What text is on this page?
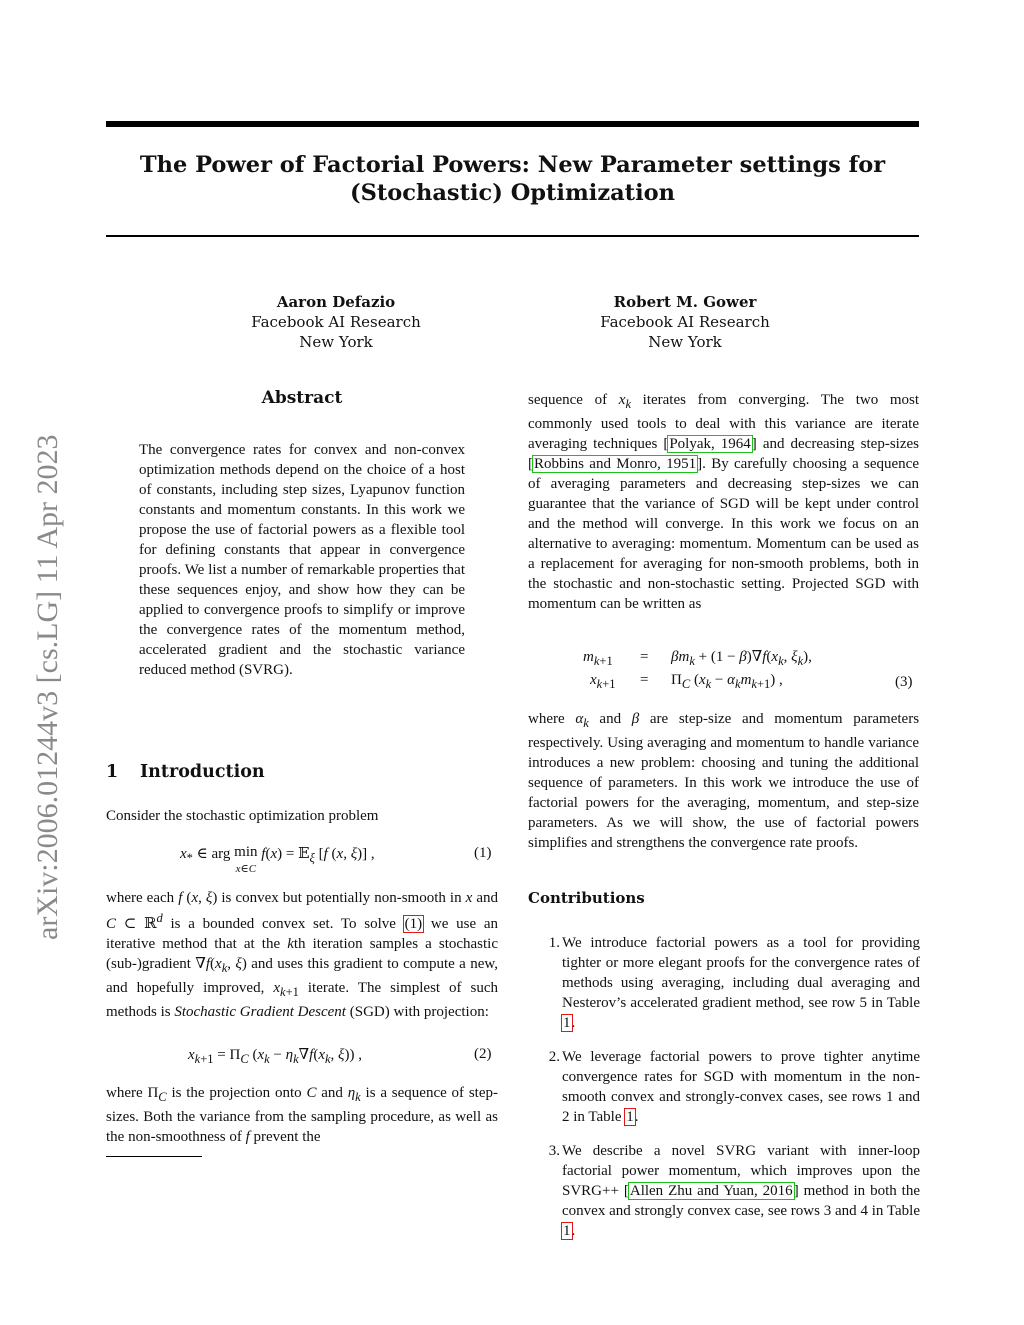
The Power of Factorial Powers: New Parameter settings for
(Stochastic) Optimization
arXiv:2006.01244v3 [cs.LG] 11 Apr 2023
Aaron Defazio
Facebook AI Research
New York
Robert M. Gower
Facebook AI Research
New York
Abstract
The convergence rates for convex and non-convex optimization methods depend on the choice of a host of constants, including step sizes, Lyapunov function constants and momentum constants. In this work we propose the use of factorial powers as a flexible tool for defining constants that appear in convergence proofs. We list a number of remarkable properties that these sequences enjoy, and show how they can be applied to convergence proofs to simplify or improve the convergence rates of the momentum method, accelerated gradient and the stochastic variance reduced method (SVRG).
1 Introduction
Consider the stochastic optimization problem
$x_*$ ∈ arg min
x∈C f(x) = 𝔼$_\xi$ [f (x, ξ)] ,	(1)
where each f (x, ξ) is convex but potentially non-smooth in x and C ⊂ ℝ$^d$ is a bounded convex set. To solve (1) we use an iterative method that at the kth iteration samples a stochastic (sub-)gradient $\nabla f(x_k$, ξ) and uses this gradient to compute a new, and hopefully improved, $x_{k+1}$ iterate. The simplest of such methods is Stochastic Gradient Descent (SGD) with projection:
$x_{k+1} = \Pi_C$ ($x_k - \eta_k\nabla f(x_k$, ξ)) ,	(2)
where $\Pi_C$ is the projection onto C and $\eta_k$ is a sequence of step-sizes. Both the variance from the sampling procedure, as well as the non-smoothness of f prevent the
sequence of $x_k$ iterates from converging. The two most commonly used tools to deal with this variance are iterate averaging techniques [Polyak, 1964] and decreasing step-sizes [Robbins and Monro, 1951]. By carefully choosing a sequence of averaging parameters and decreasing step-sizes we can guarantee that the variance of SGD will be kept under control and the method will converge. In this work we focus on an alternative to averaging: momentum. Momentum can be used as a replacement for averaging for non-smooth problems, both in the stochastic and non-stochastic setting. Projected SGD with momentum can be written as
$m_{k+1} = \beta m_k + (1 - \beta)\nabla f(x_k$, $\xi_k$),
$x_{k+1} = \Pi_C$ $(x_k - \alpha_km_{k+1})$ ,	(3)
where $\alpha_k$ and β are step-size and momentum parameters respectively. Using averaging and momentum to handle variance introduces a new problem: choosing and tuning the additional sequence of parameters. In this work we introduce the use of factorial powers for the averaging, momentum, and step-size parameters. As we will show, the use of factorial powers simplifies and strengthens the convergence rate proofs.
Contributions
1. We introduce factorial powers as a tool for providing tighter or more elegant proofs for the convergence rates of methods using averaging, including dual averaging and Nesterov’s accelerated gradient method, see row 5 in Table 1.
2. We leverage factorial powers to prove tighter anytime convergence rates for SGD with momentum in the non-smooth convex and strongly-convex cases, see rows 1 and 2 in Table 1.
3. We describe a novel SVRG variant with inner-loop factorial power momentum, which improves upon the SVRG++ [Allen Zhu and Yuan, 2016] method in both the convex and strongly convex case, see rows 3 and 4 in Table 1.
